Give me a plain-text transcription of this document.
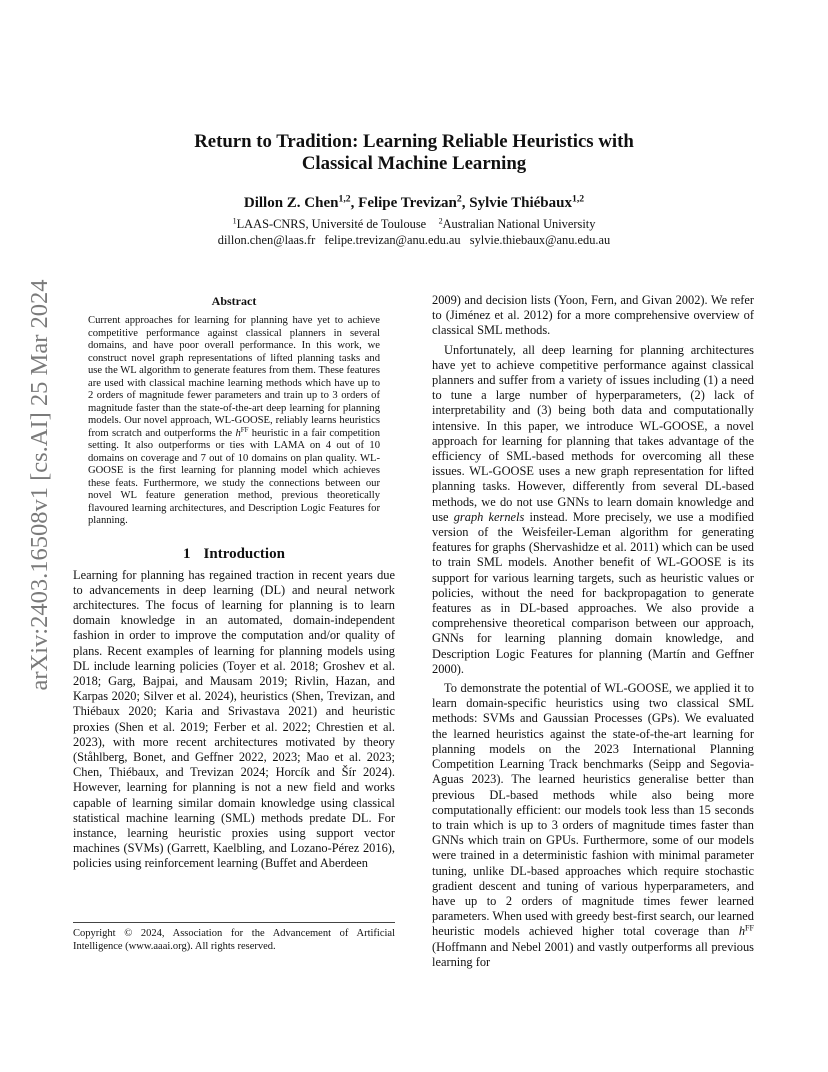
arXiv:2403.16508v1 [cs.AI] 25 Mar 2024
Return to Tradition: Learning Reliable Heuristics with
Classical Machine Learning
Dillon Z. Chen$^{1,2}$, Felipe Trevizan$^2$, Sylvie Thiébaux$^{1,2}$
$^1$LAAS-CNRS, Université de Toulouse $^2$Australian National University
dillon.chen@laas.fr felipe.trevizan@anu.edu.au sylvie.thiebaux@anu.edu.au
Abstract
Current approaches for learning for planning have yet to achieve competitive performance against classical planners in several domains, and have poor overall performance. In this work, we construct novel graph representations of lifted planning tasks and use the WL algorithm to generate features from them. These features are used with classical machine learning methods which have up to 2 orders of magnitude fewer parameters and train up to 3 orders of magnitude faster than the state-of-the-art deep learning for planning models. Our novel approach, WL-GOOSE, reliably learns heuristics from scratch and outperforms the $h^{FF}$ heuristic in a fair competition setting. It also outperforms or ties with LAMA on 4 out of 10 domains on coverage and 7 out of 10 domains on plan quality. WL-GOOSE is the first learning for planning model which achieves these feats. Furthermore, we study the connections between our novel WL feature generation method, previous theoretically flavoured learning architectures, and Description Logic Features for planning.
1 Introduction

Learning for planning has regained traction in recent years due to advancements in deep learning (DL) and neural network architectures. The focus of learning for planning is to learn domain knowledge in an automated, domain-independent fashion in order to improve the computation and/or quality of plans. Recent examples of learning for planning models using DL include learning policies (Toyer et al. 2018; Groshev et al. 2018; Garg, Bajpai, and Mausam 2019; Rivlin, Hazan, and Karpas 2020; Silver et al. 2024), heuristics (Shen, Trevizan, and Thiébaux 2020; Karia and Srivastava 2021) and heuristic proxies (Shen et al. 2019; Ferber et al. 2022; Chrestien et al. 2023), with more recent architectures motivated by theory (Ståhlberg, Bonet, and Geffner 2022, 2023; Mao et al. 2023; Chen, Thiébaux, and Trevizan 2024; Horcík and Šír 2024). However, learning for planning is not a new field and works capable of learning similar domain knowledge using classical statistical machine learning (SML) methods predate DL. For instance, learning heuristic proxies using support vector machines (SVMs) (Garrett, Kaelbling, and Lozano-Pérez 2016), policies using reinforcement learning (Buffet and Aberdeen

Copyright © 2024, Association for the Advancement of Artificial Intelligence (www.aaai.org). All rights reserved.

2009) and decision lists (Yoon, Fern, and Givan 2002). We refer to (Jiménez et al. 2012) for a more comprehensive overview of classical SML methods.

Unfortunately, all deep learning for planning architectures have yet to achieve competitive performance against classical planners and suffer from a variety of issues including (1) a need to tune a large number of hyperparameters, (2) lack of interpretability and (3) being both data and computationally intensive. In this paper, we introduce WL-GOOSE, a novel approach for learning for planning that takes advantage of the efficiency of SML-based methods for overcoming all these issues. WL-GOOSE uses a new graph representation for lifted planning tasks. However, differently from several DL-based methods, we do not use GNNs to learn domain knowledge and use graph kernels instead. More precisely, we use a modified version of the Weisfeiler-Leman algorithm for generating features for graphs (Shervashidze et al. 2011) which can be used to train SML models. Another benefit of WL-GOOSE is its support for various learning targets, such as heuristic values or policies, without the need for backpropagation to generate features as in DL-based approaches. We also provide a comprehensive theoretical comparison between our approach, GNNs for learning planning domain knowledge, and Description Logic Features for planning (Martín and Geffner 2000).

To demonstrate the potential of WL-GOOSE, we applied it to learn domain-specific heuristics using two classical SML methods: SVMs and Gaussian Processes (GPs). We evaluated the learned heuristics against the state-of-the-art learning for planning models on the 2023 International Planning Competition Learning Track benchmarks (Seipp and Segovia-Aguas 2023). The learned heuristics generalise better than previous DL-based methods while also being more computationally efficient: our models took less than 15 seconds to train which is up to 3 orders of magnitude times faster than GNNs which train on GPUs. Furthermore, some of our models were trained in a deterministic fashion with minimal parameter tuning, unlike DL-based approaches which require stochastic gradient descent and tuning of various hyperparameters, and have up to 2 orders of magnitude times fewer learned parameters. When used with greedy best-first search, our learned heuristic models achieved higher total coverage than $h^{FF}$ (Hoffmann and Nebel 2001) and vastly outperforms all previous learning for
